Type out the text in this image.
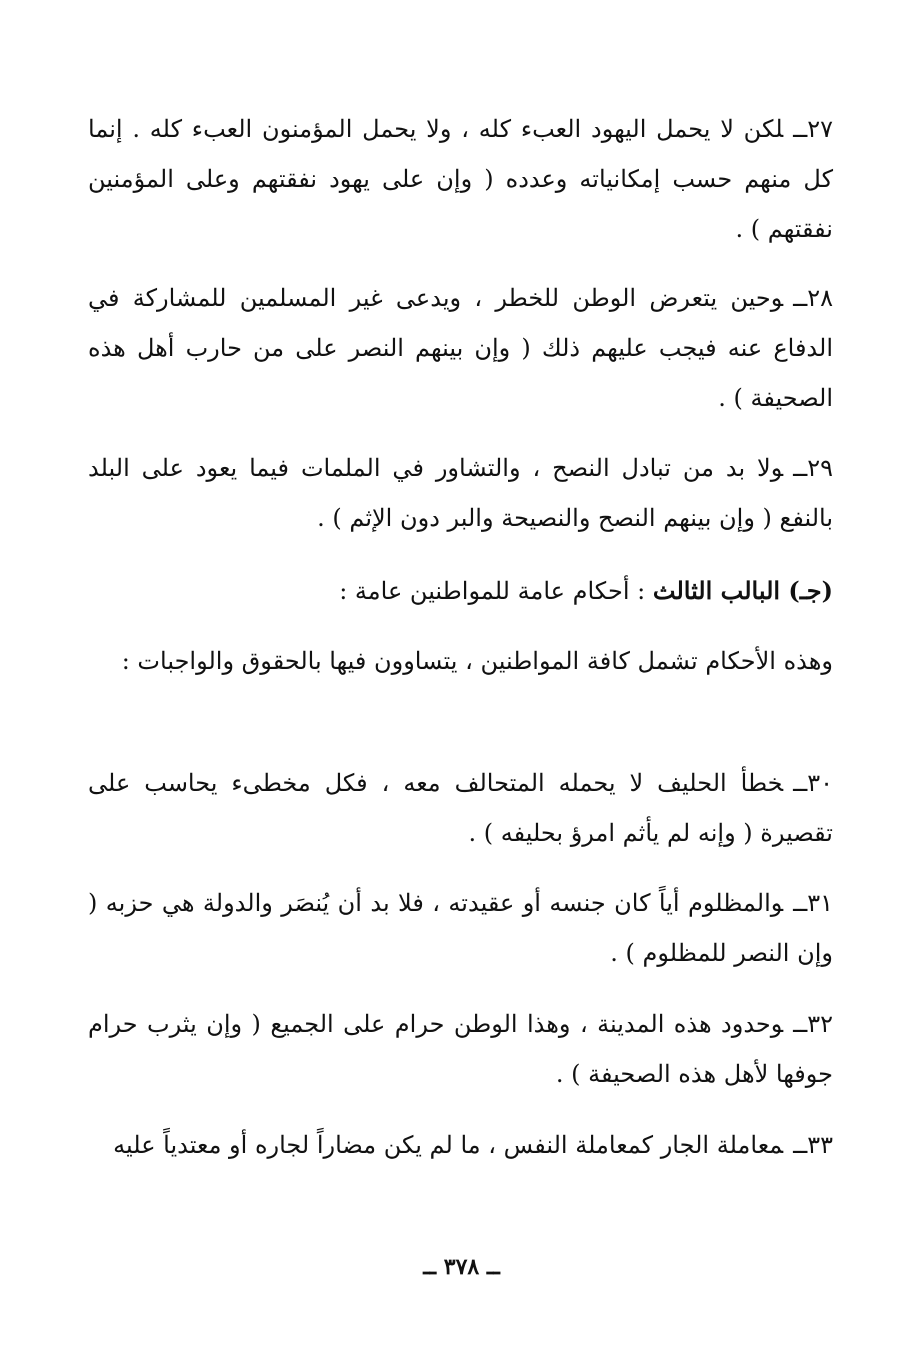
٢٧ــلكن لا يحمل اليهود العبء كله ، ولا يحمل المؤمنون العبء كله . إنما كل منهم حسب إمكانياته وعدده ( وإن على يهود نفقتهم وعلى المؤمنين نفقتهم ) .
٢٨ــوحين يتعرض الوطن للخطر ، ويدعى غير المسلمين للمشاركة في الدفاع عنه فيجب عليهم ذلك ( وإن بينهم النصر على من حارب أهل هذه الصحيفة ) .
٢٩ــولا بد من تبادل النصح ، والتشاور في الملمات فيما يعود على البلد بالنفع ( وإن بينهم النصح والنصيحة والبر دون الإثم ) .
(جـ) البالب الثالث : أحكام عامة للمواطنين عامة :
وهذه الأحكام تشمل كافة المواطنين ، يتساوون فيها بالحقوق والواجبات :
٣٠ــخطأ الحليف لا يحمله المتحالف معه ، فكل مخطىء يحاسب على تقصيرة ( وإنه لم يأثم امرؤ بحليفه ) .
٣١ــوالمظلوم أياً كان جنسه أو عقيدته ، فلا بد أن يُنصَر والدولة هي حزبه ( وإن النصر للمظلوم ) .
٣٢ــوحدود هذه المدينة ، وهذا الوطن حرام على الجميع ( وإن يثرب حرام جوفها لأهل هذه الصحيفة ) .
٣٣ــمعاملة الجار كمعاملة النفس ، ما لم يكن مضاراً لجاره أو معتدياً عليه
ــ ٣٧٨ ــ
